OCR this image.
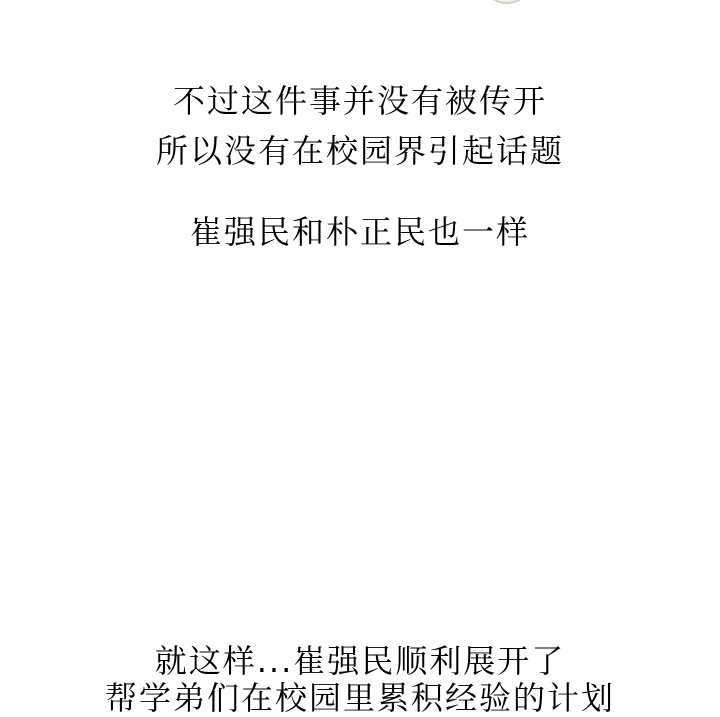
不过这件事并没有被传开
所以没有在校园界引起话题
崔强民和朴正民也一样
就这样...崔强民顺利展开了
帮学弟们在校园里累积经验的计划
